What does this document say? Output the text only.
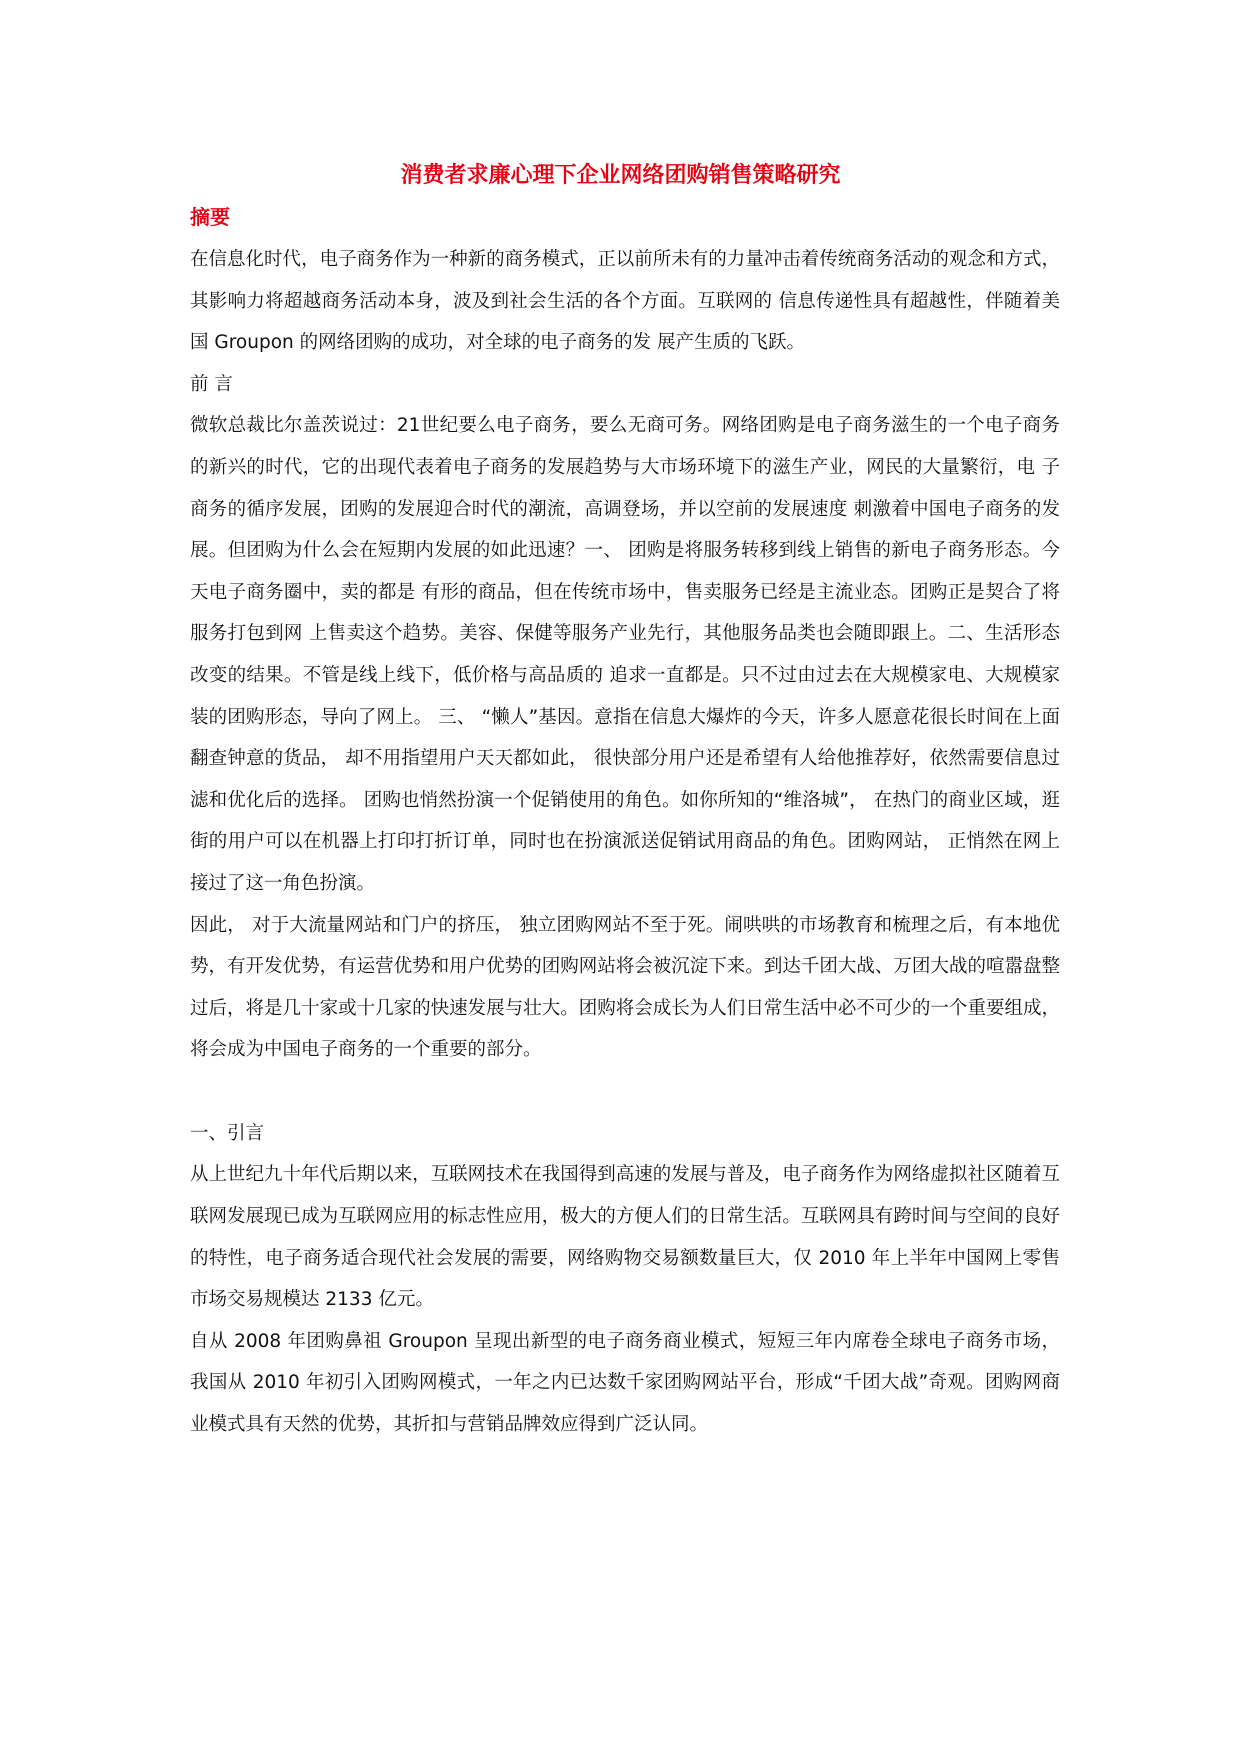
消费者求廉心理下企业网络团购销售策略研究
摘要

在信息化时代，电子商务作为一种新的商务模式，正以前所未有的力量冲击着传统商务活动的观念和方式，其影响力将超越商务活动本身，波及到社会生活的各个方面。互联网的 信息传递性具有超越性，伴随着美国 Groupon 的网络团购的成功，对全球的电子商务的发 展产生质的飞跃。

前 言

微软总裁比尔盖茨说过：21世纪要么电子商务，要么无商可务。网络团购是电子商务滋生的一个电子商务的新兴的时代，它的出现代表着电子商务的发展趋势与大市场环境下的滋生产业，网民的大量繁衍，电 子商务的循序发展，团购的发展迎合时代的潮流，高调登场，并以空前的发展速度 刺激着中国电子商务的发展。但团购为什么会在短期内发展的如此迅速？一、 团购是将服务转移到线上销售的新电子商务形态。今天电子商务圈中，卖的都是 有形的商品，但在传统市场中，售卖服务已经是主流业态。团购正是契合了将服务打包到网 上售卖这个趋势。美容、保健等服务产业先行，其他服务品类也会随即跟上。二、生活形态改变的结果。不管是线上线下，低价格与高品质的 追求一直都是。只不过由过去在大规模家电、大规模家装的团购形态，导向了网上。 三、 “懒人”基因。意指在信息大爆炸的今天，许多人愿意花很长时间在上面翻查钟意的货品， 却不用指望用户天天都如此， 很快部分用户还是希望有人给他推荐好，依然需要信息过滤和优化后的选择。 团购也悄然扮演一个促销使用的角色。如你所知的“维洛城”， 在热门的商业区域，逛 街的用户可以在机器上打印打折订单，同时也在扮演派送促销试用商品的角色。团购网站， 正悄然在网上接过了这一角色扮演。

因此， 对于大流量网站和门户的挤压， 独立团购网站不至于死。闹哄哄的市场教育和梳理之后，有本地优势，有开发优势，有运营优势和用户优势的团购网站将会被沉淀下来。到达千团大战、万团大战的喧嚣盘整过后，将是几十家或十几家的快速发展与壮大。团购将会成长为人们日常生活中必不可少的一个重要组成，将会成为中国电子商务的一个重要的部分。

一、引言

从上世纪九十年代后期以来，互联网技术在我国得到高速的发展与普及，电子商务作为网络虚拟社区随着互联网发展现已成为互联网应用的标志性应用，极大的方便人们的日常生活。互联网具有跨时间与空间的良好的特性，电子商务适合现代社会发展的需要，网络购物交易额数量巨大，仅 2010 年上半年中国网上零售市场交易规模达 2133 亿元。

自从 2008 年团购鼻祖 Groupon 呈现出新型的电子商务商业模式，短短三年内席卷全球电子商务市场，我国从 2010 年初引入团购网模式，一年之内已达数千家团购网站平台，形成“千团大战”奇观。团购网商业模式具有天然的优势，其折扣与营销品牌效应得到广泛认同。
